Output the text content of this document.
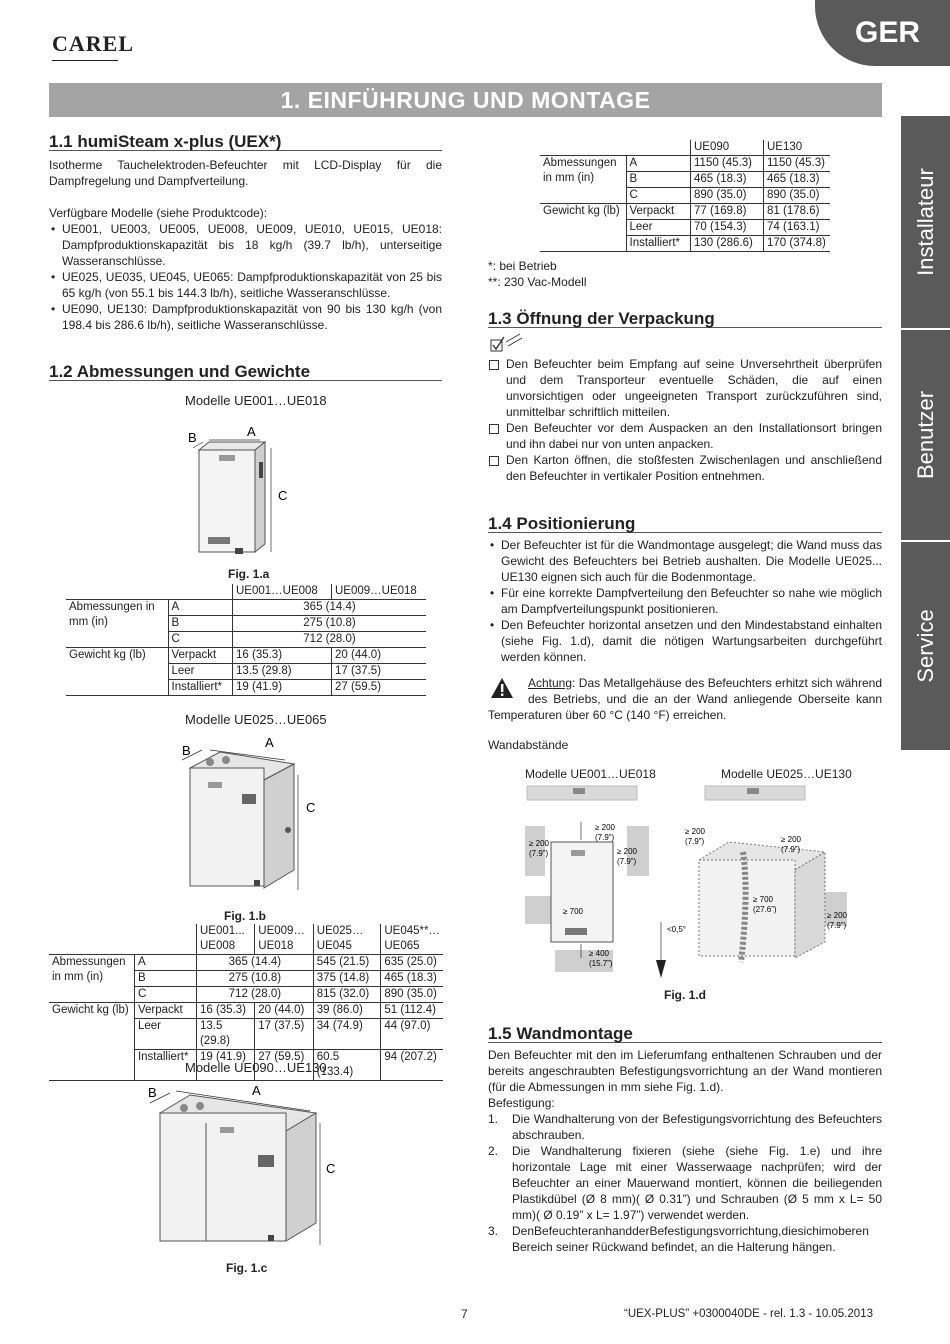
CAREL	GER
1. EINFÜHRUNG UND MONTAGE
Installateur
Benutzer
Service
1.1 humiSteam x-plus (UEX*)

Isotherme Tauchelektroden-Befeuchter mit LCD-Display für die Dampfregelung und Dampfverteilung.

Verfügbare Modelle (siehe Produktcode):

• UE001, UE003, UE005, UE008, UE009, UE010, UE015, UE018: Dampfproduktionskapazität bis 18 kg/h (39.7 lb/h), unterseitige Wasseranschlüsse.
• UE025, UE035, UE045, UE065: Dampfproduktionskapazität von 25 bis 65 kg/h (von 55.1 bis 144.3 lb/h), seitliche Wasseranschlüsse.
• UE090, UE130: Dampfproduktionskapazität von 90 bis 130 kg/h (von 198.4 bis 286.6 lb/h), seitliche Wasseranschlüsse.
1.2 Abmessungen und Gewichte
Modelle UE001…UE018
B	A
C
Fig. 1.a
		UE001…UE008	UE009…UE018
Abmessungen in mm (in)	A	365 (14.4)	
	B	275 (10.8)	
	C	712 (28.0)	
Gewicht kg (lb)	Verpackt	16 (35.3)	20 (44.0)
	Leer	13.5 (29.8)	17 (37.5)
	Installiert*	19 (41.9)	27 (59.5)
Modelle UE025…UE065
B
A
C
Fig. 1.b
		UE001...	UE009…	UE025…	UE045**…
		UE008	UE018	UE045	UE065
Abmessungen in mm (in)	A	365 (14.4)		545 (21.5)	635 (25.0)
	B	275 (10.8)		375 (14.8)	465 (18.3)
	C	712 (28.0)		815 (32.0)	890 (35.0)
Gewicht kg (lb)	Verpackt	16 (35.3)	20 (44.0)	39 (86.0)	51 (112.4)
	Leer	13.5 (29.8)	17 (37.5)	34 (74.9)	44 (97.0)
	Installiert*	19 (41.9)	27 (59.5)	60.5 (133.4)	94 (207.2)
Modelle UE090…UE130
B	A
C
Fig. 1.c
		UE090	UE130
Abmessungen in mm (in)	A	1150 (45.3)	1150 (45.3)
	B	465 (18.3)	465 (18.3)
	C	890 (35.0)	890 (35.0)
Gewicht kg (lb)	Verpackt	77 (169.8)	81 (178.6)
	Leer	70 (154.3)	74 (163.1)
	Installiert*	130 (286.6)	170 (374.8)
*: bei Betrieb
**: 230 Vac-Modell
1.3 Öffnung der Verpackung
Den Befeuchter beim Empfang auf seine Unversehrtheit überprüfen und dem Transporteur eventuelle Schäden, die auf einen unvorsichtigen oder ungeeigneten Transport zurückzuführen sind, unmittelbar schriftlich mitteilen.
Den Befeuchter vor dem Auspacken an den Installationsort bringen und ihn dabei nur von unten anpacken.
Den Karton öffnen, die stoßfesten Zwischenlagen und anschließend den Befeuchter in vertikaler Position entnehmen.
1.4 Positionierung
• Der Befeuchter ist für die Wandmontage ausgelegt; die Wand muss das Gewicht des Befeuchters bei Betrieb aushalten. Die Modelle UE025... UE130 eignen sich auch für die Bodenmontage.
• Für eine korrekte Dampfverteilung den Befeuchter so nahe wie möglich am Dampfverteilungspunkt positionieren.
• Den Befeuchter horizontal ansetzen und den Mindestabstand einhalten (siehe Fig. 1.d), damit die nötigen Wartungsarbeiten durchgeführt werden können.
Achtung: Das Metallgehäuse des Befeuchters erhitzt sich während des Betriebs, und die an der Wand anliegende Oberseite kann Temperaturen über 60 °C (140 °F) erreichen.

Wandabstände

Modelle UE001…UE018	Modelle UE025…UE130
≥ 200
(7.9”)
≥ 200
(7.9”)
≥ 200
(7.9”)
≥ 700
≥ 400
(15.7”)
<0,5°
≥ 200
(7.9”)	≥ 200
(7.9”)
≥ 700
(27.6”)
≥ 200
(7.9”)
Fig. 1.d
1.5 Wandmontage

Den Befeuchter mit den im Lieferumfang enthaltenen Schrauben und der bereits angeschraubten Befestigungsvorrichtung an der Wand montieren (für die Abmessungen in mm siehe Fig. 1.d).

Befestigung:

1. Die Wandhalterung von der Befestigungsvorrichtung des Befeuchters abschrauben.
2. Die Wandhalterung fixieren (siehe (siehe Fig. 1.e) und ihre horizontale Lage mit einer Wasserwaage nachprüfen; wird der Befeuchter an einer Mauerwand montiert, können die beiliegenden Plastikdübel (Ø 8 mm)( Ø 0.31”) und Schrauben (Ø 5 mm x L= 50 mm)( Ø 0.19” x L= 1.97”) verwendet werden.
3. DenBefeuchteranhandderBefestigungsvorrichtung,diesichimoberen Bereich seiner Rückwand befindet, an die Halterung hängen.
7	“UEX-PLUS” +0300040DE - rel. 1.3 - 10.05.2013
